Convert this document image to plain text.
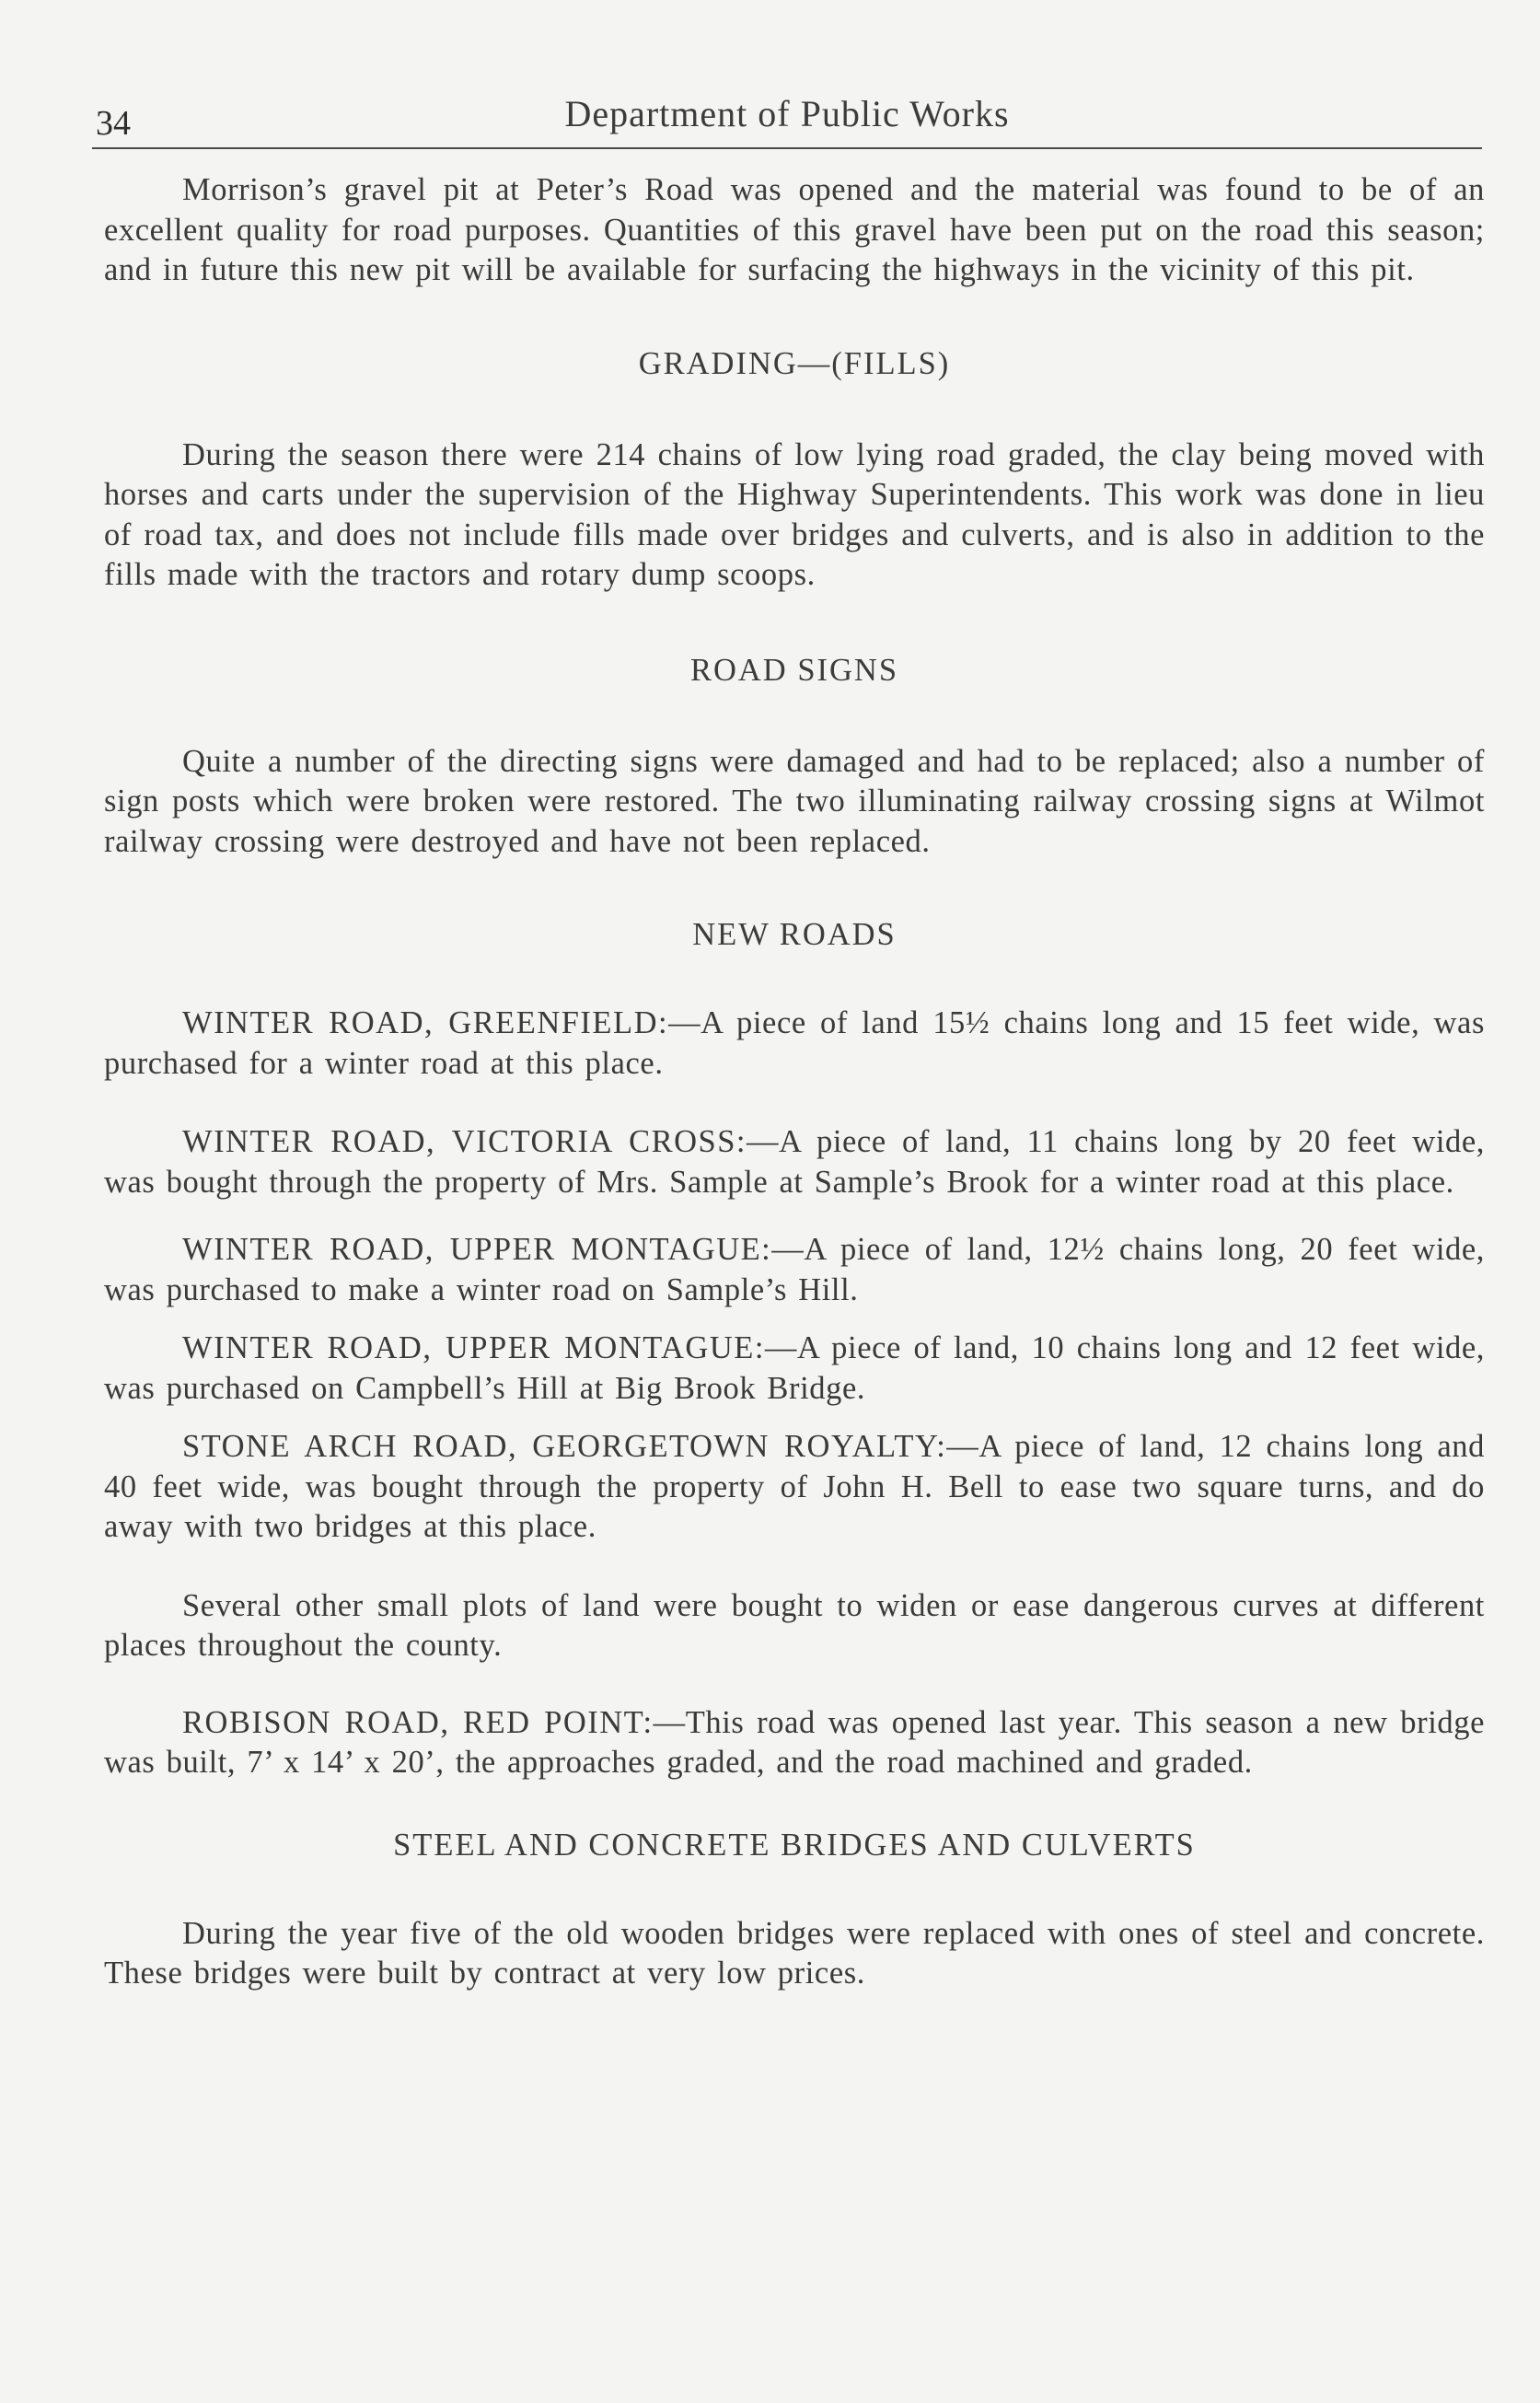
34	Department of Public Works

Morrison’s gravel pit at Peter’s Road was opened and the material was found to be of an excellent quality for road purposes. Quantities of this gravel have been put on the road this season; and in future this new pit will be available for surfacing the highways in the vicinity of this pit.

GRADING—(FILLS)

During the season there were 214 chains of low lying road graded, the clay being moved with horses and carts under the supervision of the Highway Superintendents. This work was done in lieu of road tax, and does not include fills made over bridges and culverts, and is also in addition to the fills made with the tractors and rotary dump scoops.

ROAD SIGNS

Quite a number of the directing signs were damaged and had to be replaced; also a number of sign posts which were broken were restored. The two illuminating railway crossing signs at Wilmot railway crossing were destroyed and have not been replaced.

NEW ROADS

WINTER ROAD, GREENFIELD:—A piece of land 15½ chains long and 15 feet wide, was purchased for a winter road at this place.

WINTER ROAD, VICTORIA CROSS:—A piece of land, 11 chains long by 20 feet wide, was bought through the property of Mrs. Sample at Sample’s Brook for a winter road at this place.

WINTER ROAD, UPPER MONTAGUE:—A piece of land, 12½ chains long, 20 feet wide, was purchased to make a winter road on Sample’s Hill.

WINTER ROAD, UPPER MONTAGUE:—A piece of land, 10 chains long and 12 feet wide, was purchased on Campbell’s Hill at Big Brook Bridge.

STONE ARCH ROAD, GEORGETOWN ROYALTY:—A piece of land, 12 chains long and 40 feet wide, was bought through the property of John H. Bell to ease two square turns, and do away with two bridges at this place.

Several other small plots of land were bought to widen or ease dangerous curves at different places throughout the county.

ROBISON ROAD, RED POINT:—This road was opened last year. This season a new bridge was built, 7’ x 14’ x 20’, the approaches graded, and the road machined and graded.

STEEL AND CONCRETE BRIDGES AND CULVERTS

During the year five of the old wooden bridges were replaced with ones of steel and concrete. These bridges were built by contract at very low prices.
